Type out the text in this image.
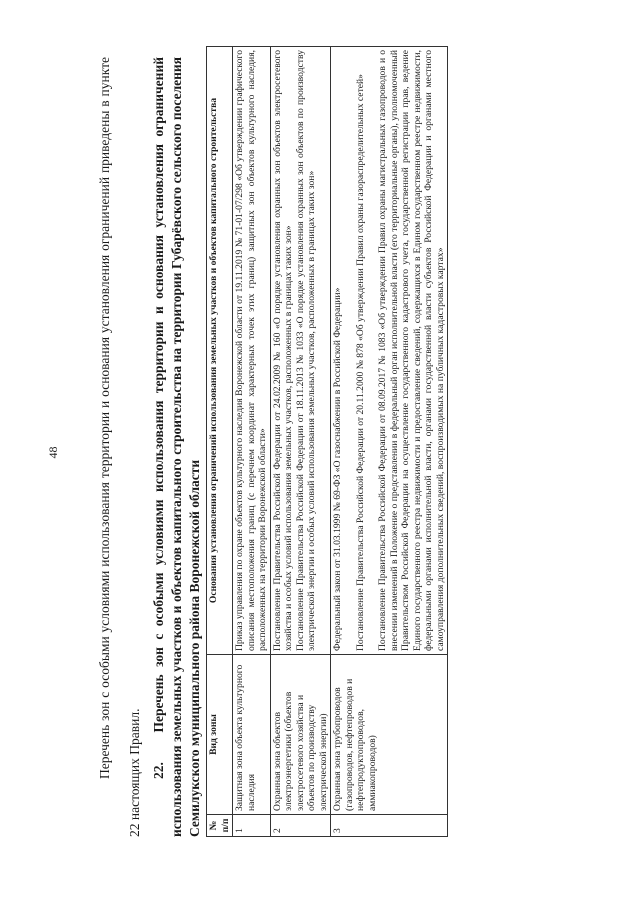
48	Перечень зон с особыми условиями использования территории и основания установления ограничений приведены в пункте 22 настоящих Правил. 22.    Перечень зон с особыми условиями использования территории и основания установления ограничений использования земельных участков и объектов капитального строительства на территории Губарёвского сельского поселения Семилукского муниципального района Воронежской области № п/п	Вид зоны	Основания установления ограничений использования земельных участков и объектов капитального строительства
1	Защитная зона объекта культурного наследия	Приказ управления по охране объектов культурного наследия Воронежской области от 19.11.2019 № 71-01-07/298 «Об утверждении графического описания местоположения границ (с перечнем координат характерных точек этих границ) защитных зон объектов культурного наследия, расположенных на территории Воронежской области»

2	Охранная зона объектов электроэнергетики (объектов электросетевого хозяйства и объектов по производству электрической энергии)	Постановление Правительства Российской Федерации от 24.02.2009 № 160 «О порядке установления охранных зон объектов электросетевого хозяйства и особых условий использования земельных участков, расположенных в границах таких зон» Постановление Правительства Российской Федерации от 18.11.2013 № 1033 «О порядке установления охранных зон объектов по производству электрической энергии и особых условий использования земельных участков, расположенных в границах таких зон»

3	Охранная зона трубопроводов (газопроводов, нефтепроводов и нефтепродуктопроводов, аммиакопроводов)	Федеральный закон от 31.03.1999 № 69-ФЗ «О газоснабжении в Российской Федерации» Постановление Правительства Российской Федерации от 20.11.2000 № 878 «Об утверждении Правил охраны газораспределительных сетей» Постановление Правительства Российской Федерации от 08.09.2017 № 1083 «Об утверждении Правил охраны магистральных газопроводов и о внесении изменений в Положение о представлении в федеральный орган исполнительной власти (его территориальные органы), уполномоченный Правительством Российской Федерации на осуществление государственного кадастрового учета, государственной регистрации прав, ведение Единого государственного реестра недвижимости и предоставление сведений, содержащихся в Едином государственном реестре недвижимости, федеральными органами исполнительной власти, органами государственной власти субъектов Российской Федерации и органами местного самоуправления дополнительных сведений, воспроизводимых на публичных кадастровых картах»
